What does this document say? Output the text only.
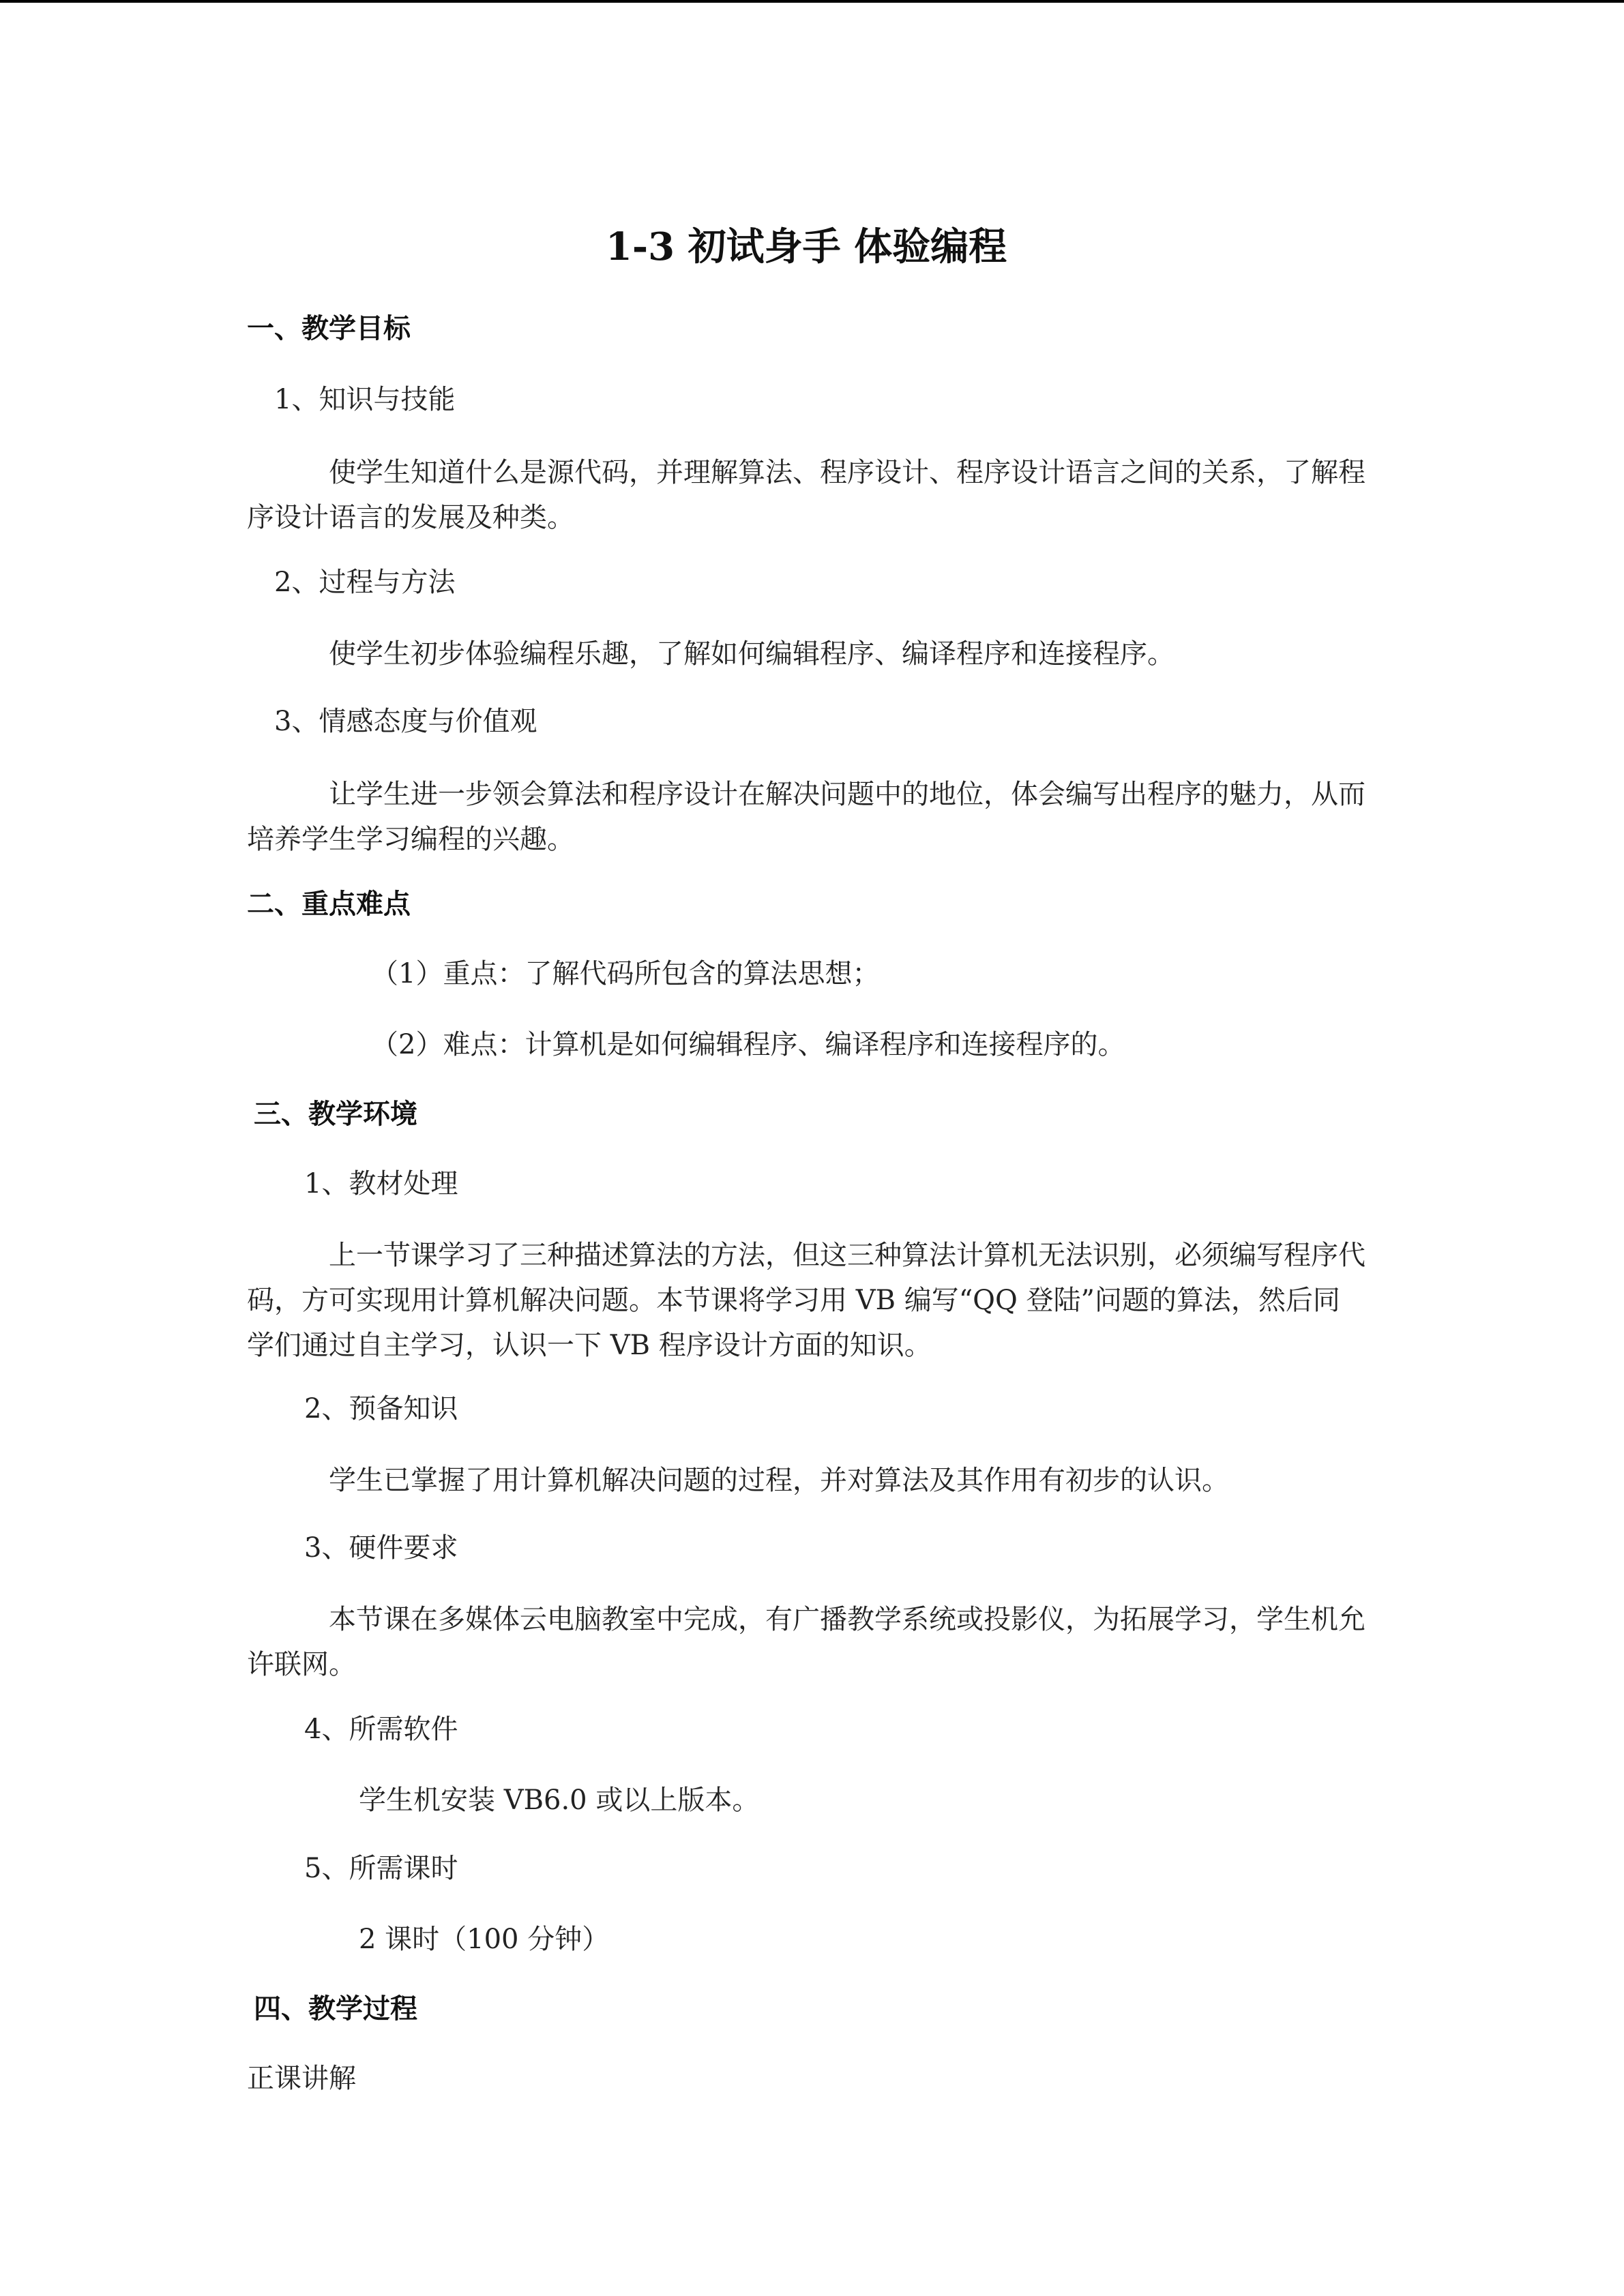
1-3 初试身手 体验编程
一、教学目标
1、知识与技能
使学生知道什么是源代码，并理解算法、程序设计、程序设计语言之间的关系，了解程序设计语言的发展及种类。
2、过程与方法
使学生初步体验编程乐趣，了解如何编辑程序、编译程序和连接程序。
3、情感态度与价值观
让学生进一步领会算法和程序设计在解决问题中的地位，体会编写出程序的魅力，从而培养学生学习编程的兴趣。
二、重点难点
（1）重点：了解代码所包含的算法思想；
（2）难点：计算机是如何编辑程序、编译程序和连接程序的。
三、教学环境
1、教材处理
上一节课学习了三种描述算法的方法，但这三种算法计算机无法识别，必须编写程序代码，方可实现用计算机解决问题。本节课将学习用 VB 编写“QQ 登陆”问题的算法，然后同学们通过自主学习，认识一下 VB 程序设计方面的知识。
2、预备知识
学生已掌握了用计算机解决问题的过程，并对算法及其作用有初步的认识。
3、硬件要求
本节课在多媒体云电脑教室中完成，有广播教学系统或投影仪，为拓展学习，学生机允许联网。
4、所需软件
学生机安装 VB6.0 或以上版本。
5、所需课时
2 课时（100 分钟）
四、教学过程
正课讲解
